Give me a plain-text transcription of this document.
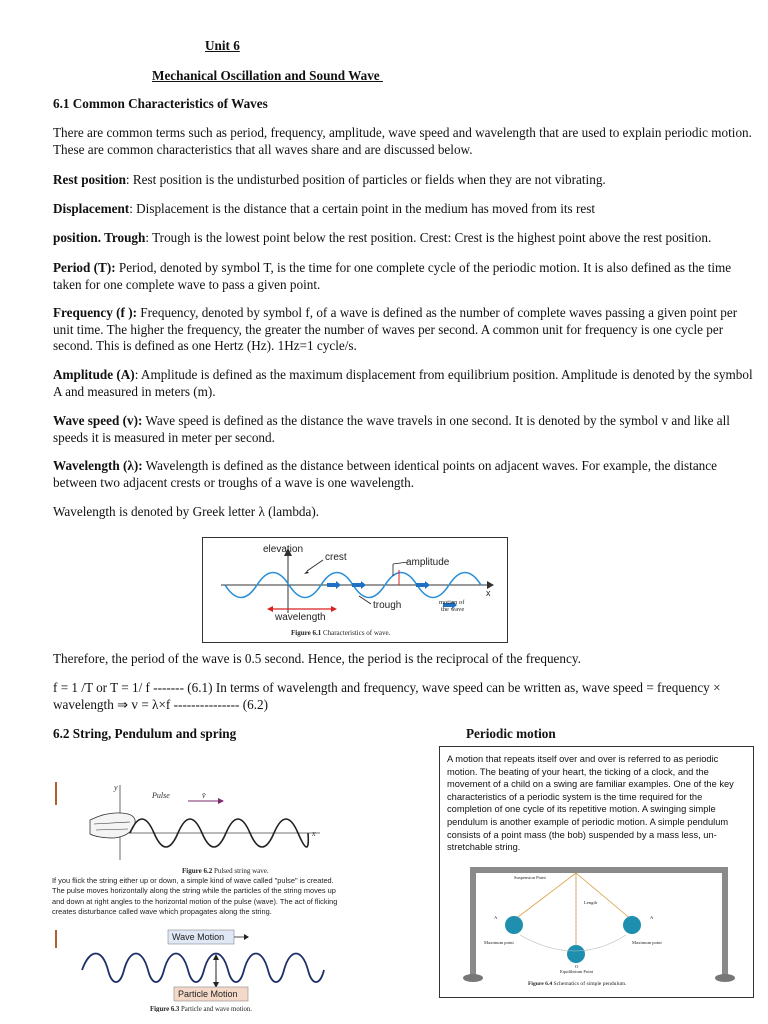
Unit 6
Mechanical Oscillation and Sound Wave
6.1 Common Characteristics of Waves
There are common terms such as period, frequency, amplitude, wave speed and wavelength that are used to explain periodic motion. These are common characteristics that all waves share and are discussed below.
Rest position: Rest position is the undisturbed position of particles or fields when they are not vibrating.
Displacement: Displacement is the distance that a certain point in the medium has moved from its rest
position. Trough: Trough is the lowest point below the rest position. Crest: Crest is the highest point above the rest position.
Period (T): Period, denoted by symbol T, is the time for one complete cycle of the periodic motion. It is also defined as the time taken for one complete wave to pass a given point.
Frequency (f ): Frequency, denoted by symbol f, of a wave is defined as the number of complete waves passing a given point per unit time. The higher the frequency, the greater the number of waves per second. A common unit for frequency is one cycle per second. This is defined as one Hertz (Hz). 1Hz=1 cycle/s.
Amplitude (A): Amplitude is defined as the maximum displacement from equilibrium position. Amplitude is denoted by the symbol A and measured in meters (m).
Wave speed (v): Wave speed is defined as the distance the wave travels in one second. It is denoted by the symbol v and like all speeds it is measured in meter per second.
Wavelength (λ): Wavelength is defined as the distance between identical points on adjacent waves. For example, the distance between two adjacent crests or troughs of a wave is one wavelength.
Wavelength is denoted by Greek letter λ (lambda).
elevation
crest	amplitude
x
trough	motion of
the wave
wavelength
Figure 6.1 Characteristics of wave.
Therefore, the period of the wave is 0.5 second. Hence, the period is the reciprocal of the frequency.
f = 1 /T or T = 1/ f ------- (6.1) In terms of wavelength and frequency, wave speed can be written as, wave speed = frequency × wavelength ⇒ v = λ×f --------------- (6.2)
6.2 String, Pendulum and spring	Periodic motion
y
Pulse	v̄
x
Figure 6.2 Pulsed string wave.
If you flick the string either up or down, a simple kind of wave called "pulse" is created. The pulse moves horizontally along the string while the particles of the string moves up and down at right angles to the horizontal motion of the pulse (wave). The act of flicking creates disturbance called wave which propagates along the string.
Wave Motion
Particle Motion
Figure 6.3 Particle and wave motion.
A motion that repeats itself over and over is referred to as periodic motion. The beating of your heart, the ticking of a clock, and the movement of a child on a swing are familiar examples. One of the key characteristics of a periodic system is the time required for the completion of one cycle of its repetitive motion. A swinging simple pendulum is another example of periodic motion. A simple pendulum consists of a point mass (the bob) suspended by a mass less, un-stretchable string.
Suspension Point
Length
A	A
Maximum point	Maximum point
O
Equilibrium Point
Figure 6.4 Schematics of simple pendulum.
